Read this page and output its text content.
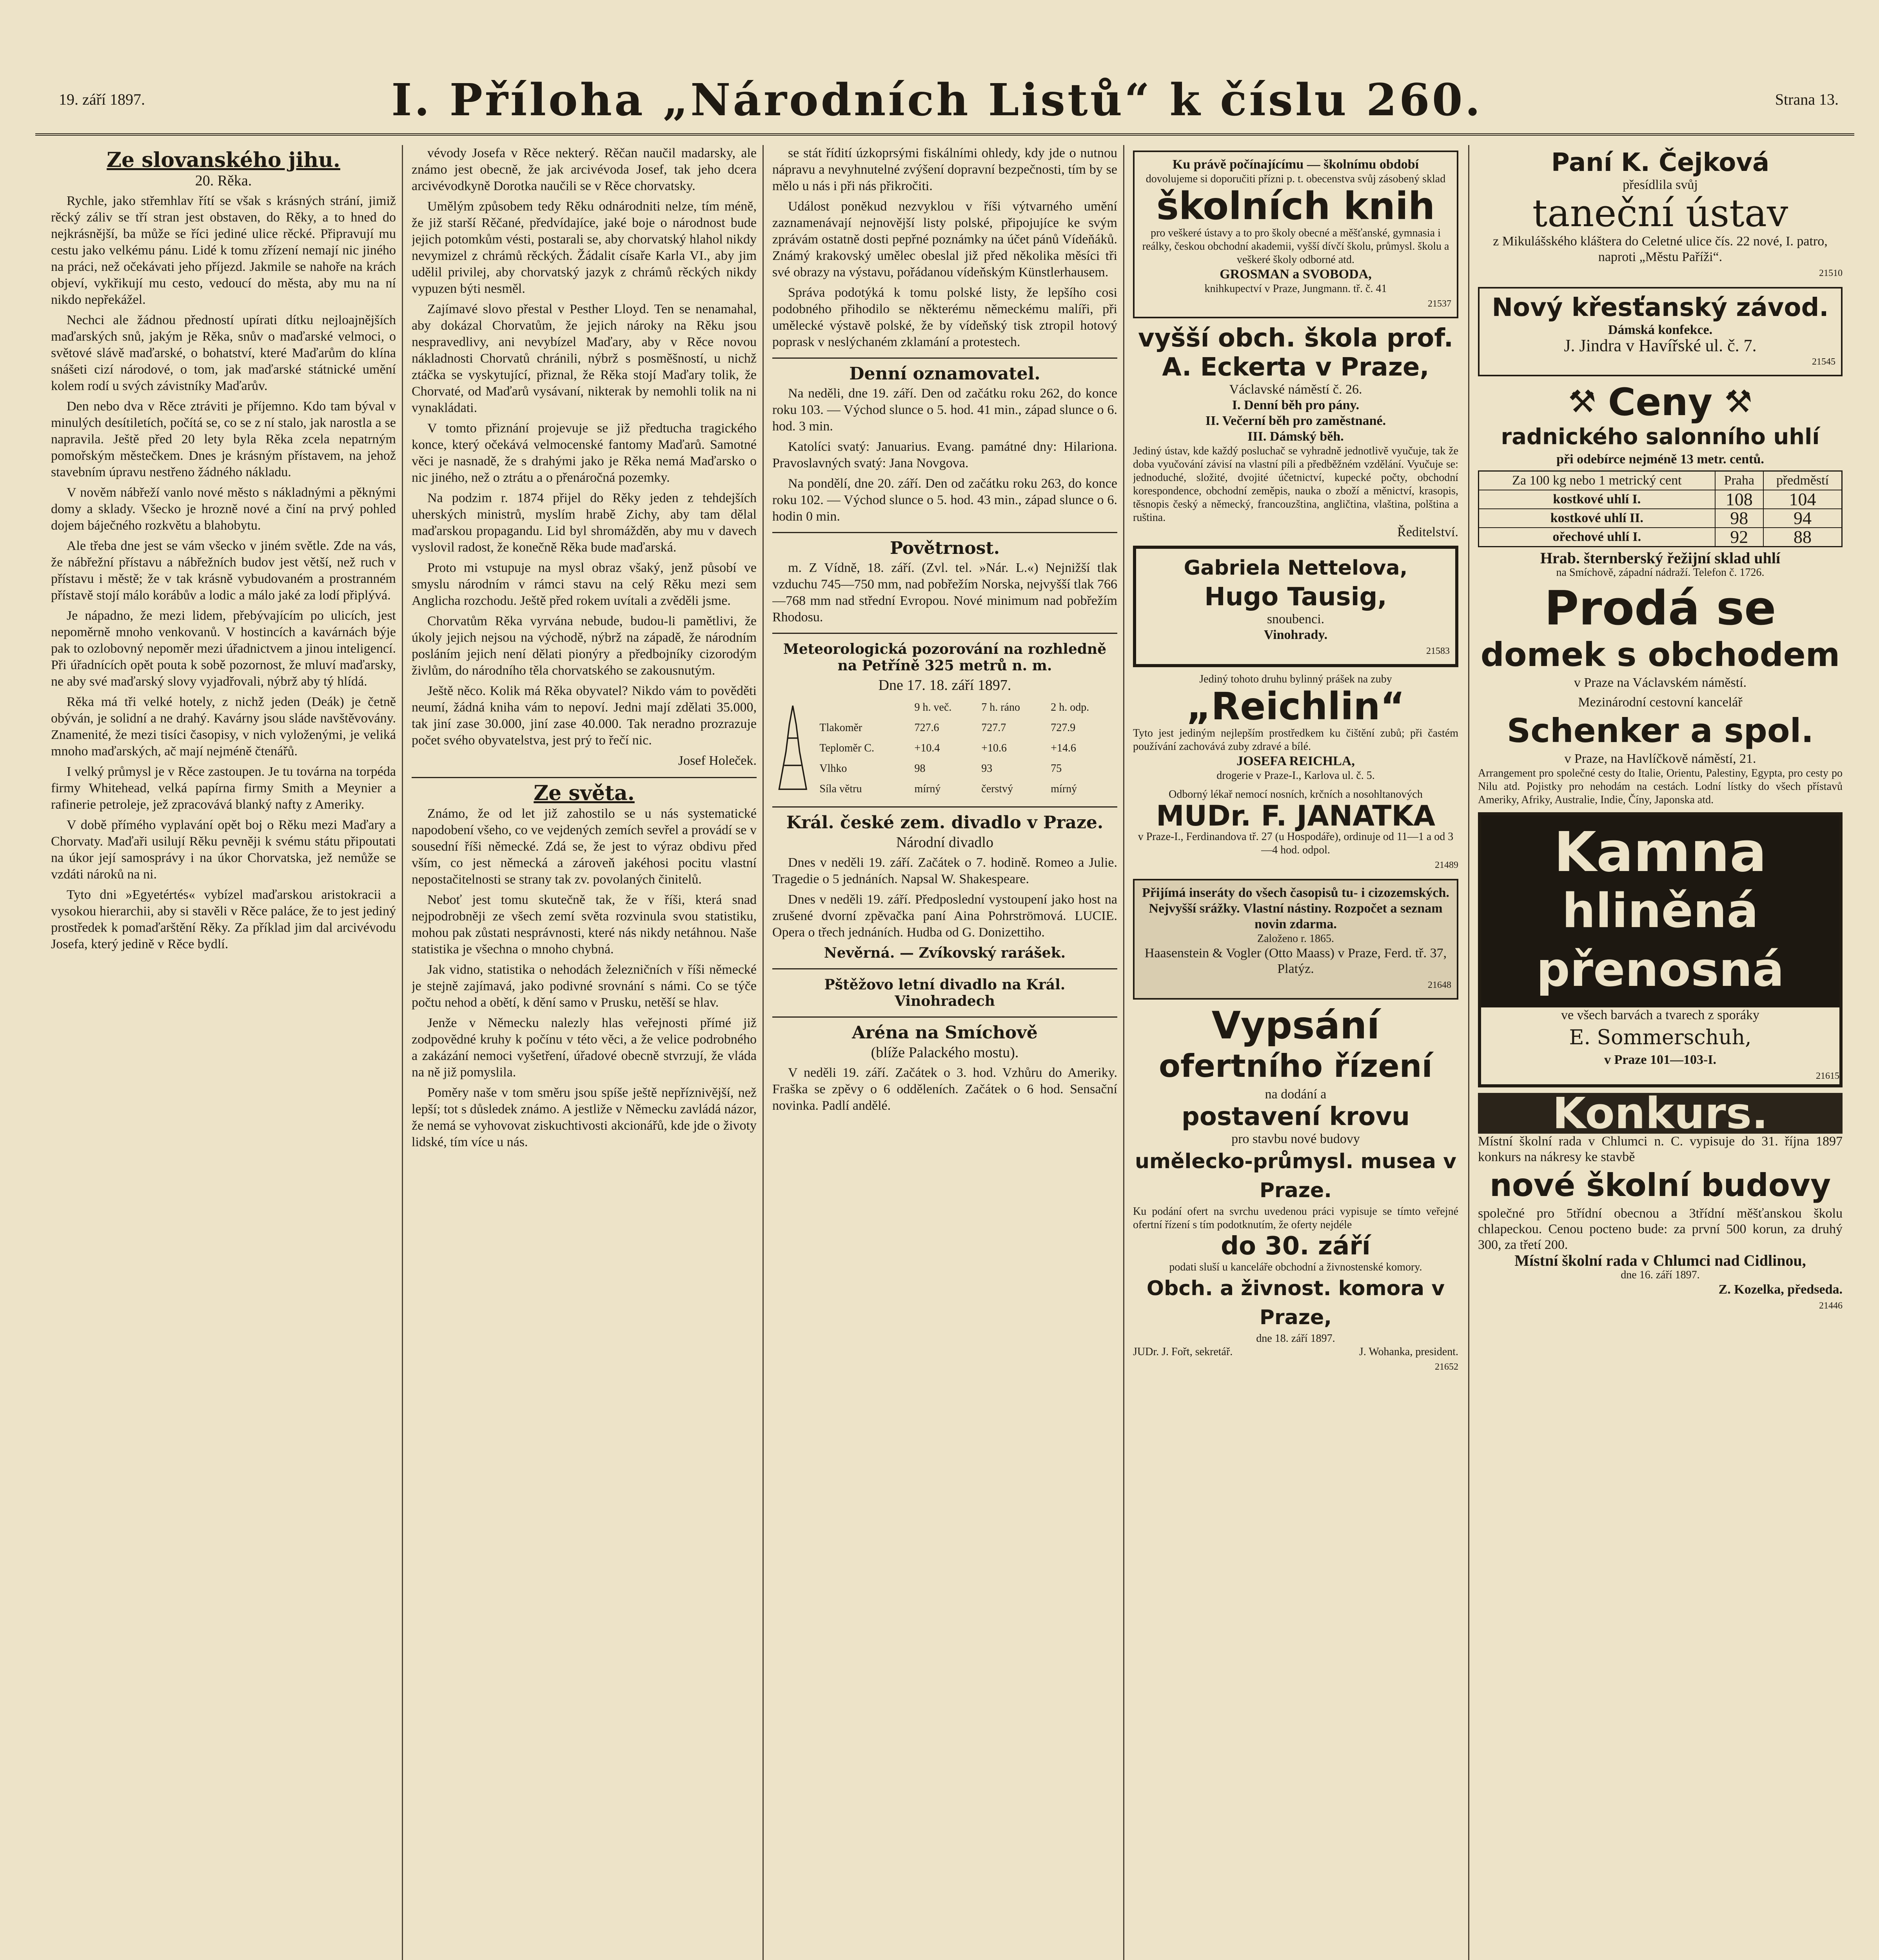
19. září 1897.	I. Příloha „Národních Listů“ k číslu 260.	Strana 13.
Ze slovanského jihu.
20. Rěka.

Rychle, jako střemhlav řítí se však s krásných strání, jimiž rěcký záliv se tří stran jest obstaven, do Rěky, a to hned do nejkrásnější, ba může se říci jediné ulice rěcké. Připravují mu cestu jako velkému pánu. Lidé k tomu zřízení nemají nic jiného na práci, než očekávati jeho příjezd. Jakmile se nahoře na krách objeví, vykřikují mu cesto, vedoucí do města, aby mu na ní nikdo nepřekážel.

Nechci ale žádnou předností upírati dítku nejloajnějších maďarských snů, jakým je Rěka, snův o maďarské velmoci, o světové slávě maďarské, o bohatství, které Maďarům do klína snášeti cizí národové, o tom, jak maďarské státnické umění kolem rodí u svých závistníky Maďarův.

Den nebo dva v Rěce ztráviti je příjemno. Kdo tam býval v minulých desítiletích, počítá se, co se z ní stalo, jak narostla a se napravila. Ještě před 20 lety byla Rěka zcela nepatrným pomořským městečkem. Dnes je krásným přístavem, na jehož stavebním úpravu nestřeno žádného nákladu.

V nověm nábřeží vanlo nové město s nákladnými a pěknými domy a sklady. Všecko je hrozně nové a činí na prvý pohled dojem báječného rozkvětu a blahobytu.

Ale třeba dne jest se vám všecko v jiném světle. Zde na vás, že nábřežní přístavu a nábřežních budov jest větší, než ruch v přístavu i městě; že v tak krásně vybudovaném a prostranném přístavě stojí málo korábův a lodic a málo jaké za lodí připlývá.

Je nápadno, že mezi lidem, přebývajícím po ulicích, jest nepoměrně mnoho venkovanů. V hostincích a kavárnách býje pak to ozlobovný nepoměr mezi úřadnictvem a jinou inteligencí. Při úřadnících opět pouta k sobě pozornost, že mluví maďarsky, ne aby své maďarský slovy vyjadřovali, nýbrž aby tý hlídá.

Rěka má tři velké hotely, z nichž jeden (Deák) je četně obýván, je solidní a ne drahý. Kavárny jsou sláde navštěvovány. Znamenité, že mezi tisíci časopisy, v nich vyloženými, je veliká mnoho maďarských, ač mají nejméně čtenářů.

I velký průmysl je v Rěce zastoupen. Je tu továrna na torpéda firmy Whitehead, velká papírna firmy Smith a Meynier a rafinerie petroleje, jež zpracovává blanký nafty z Ameriky.

V době přímého vyplavání opět boj o Rěku mezi Maďary a Chorvaty. Maďaři usilují Rěku pevněji k svému státu připoutati na úkor její samosprávy i na úkor Chorvatska, jež nemůže se vzdáti nároků na ni.

Tyto dni »Egyetértés« vybízel maďarskou aristokracii a vysokou hierarchii, aby si stavěli v Rěce paláce, že to jest jediný prostředek k pomaďarštění Rěky. Za příklad jim dal arcivévodu Josefa, který jedině v Rěce bydlí.

vévody Josefa v Rěce nekterý. Rěčan naučil madarsky, ale známo jest obecně, že jak arcivévoda Josef, tak jeho dcera arcivévodkyně Dorotka naučili se v Rěce chorvatsky.

Umělým způsobem tedy Rěku odnárodniti nelze, tím méně, že již starší Rěčané, předvídajíce, jaké boje o národnost bude jejich potomkům vésti, postarali se, aby chorvatský hlahol nikdy nevymizel z chrámů rěckých. Žádalit císaře Karla VI., aby jim udělil privilej, aby chorvatský jazyk z chrámů rěckých nikdy vypuzen býti nesměl.

Zajímavé slovo přestal v Pesther Lloyd. Ten se nenamahal, aby dokázal Chorvatům, že jejich nároky na Rěku jsou nespravedlivy, ani nevybízel Maďary, aby v Rěce novou nákladnosti Chorvatů chránili, nýbrž s posměšností, u nichž ztáčka se vyskytující, přiznal, že Rěka stojí Maďary tolik, že Chorvaté, od Maďarů vysávaní, nikterak by nemohli tolik na ni vynakládati.

V tomto přiznání projevuje se již předtucha tragického konce, který očekává velmocenské fantomy Maďarů. Samotné věci je nasnadě, že s drahými jako je Rěka nemá Maďarsko o nic jiného, než o ztrátu a o přenáročná pozemky.

Na podzim r. 1874 přijel do Rěky jeden z tehdejších uherských ministrů, myslím hrabě Zichy, aby tam dělal maďarskou propagandu. Lid byl shromážděn, aby mu v davech vyslovil radost, že konečně Rěka bude maďarská.

Proto mi vstupuje na mysl obraz všaký, jenž působí ve smyslu národním v rámci stavu na celý Rěku mezi sem Anglicha rozchodu. Ještě před rokem uvítali a zvěděli jsme.

Chorvatům Rěka vyrvána nebude, budou-li pamětlivi, že úkoly jejich nejsou na východě, nýbrž na západě, že národním posláním jejich není dělati pionýry a předbojníky cizorodým živlům, do národního těla chorvatského se zakousnutým.

Ještě něco. Kolik má Rěka obyvatel? Nikdo vám to pověděti neumí, žádná kniha vám to nepoví. Jedni mají zdělati 35.000, tak jiní zase 30.000, jiní zase 40.000. Tak neradno prozrazuje počet svého obyvatelstva, jest prý to řečí nic.

Josef Holeček.
Ze světa.

Známo, že od let již zahostilo se u nás systematické napodobení všeho, co ve vejdených zemích sevřel a provádí se v sousední říši německé. Zdá se, že jest to výraz obdivu před vším, co jest německá a zároveň jakéhosi pocitu vlastní nepostačitelnosti se strany tak zv. povolaných činitelů.

Neboť jest tomu skutečně tak, že v říši, která snad nejpodrobněji ze všech zemí světa rozvinula svou statistiku, mohou pak zůstati nesprávnosti, které nás nikdy netáhnou. Naše statistika je všechna o mnoho chybná.

Jak vidno, statistika o nehodách železničních v říši německé je stejně zajímavá, jako podivné srovnání s námi. Co se týče počtu nehod a obětí, k dění samo v Prusku, netěší se hlav.

Jenže v Německu nalezly hlas veřejnosti přímé již zodpovědné kruhy k počínu v této věci, a že velice podrobného a zakázání nemoci vyšetření, úřadové obecně stvrzují, že vláda na ně již pomyslila.

Poměry naše v tom směru jsou spíše ještě nepříznivější, než lepší; tot s důsledek známo. A jestliže v Německu zavládá názor, že nemá se vyhovovat ziskuchtivosti akcionářů, kde jde o životy lidské, tím více u nás.

se stát řídití úzkoprsými fiskálními ohledy, kdy jde o nutnou nápravu a nevyhnutelné zvýšení dopravní bezpečnosti, tím by se mělo u nás i při nás přikročiti.

Událost poněkud nezvyklou v říši výtvarného umění zaznamenávají nejnovější listy polské, připojujíce ke svým zprávám ostatně dosti pepřné poznámky na účet pánů Vídeňáků. Známý krakovský umělec obeslal již před několika měsíci tři své obrazy na výstavu, pořádanou vídeňským Künstlerhausem.

Správa podotýká k tomu polské listy, že lepšího cosi podobného přihodilo se některému německému malíři, při umělecké výstavě polské, že by vídeňský tisk ztropil hotový poprask v neslýchaném zklamání a protestech.

Denní oznamovatel.

Na neděli, dne 19. září. Den od začátku roku 262, do konce roku 103. — Východ slunce o 5. hod. 41 min., západ slunce o 6. hod. 3 min.

Katolíci svatý: Januarius. Evang. památné dny: Hilariona. Pravoslavných svatý: Jana Novgova.

Na pondělí, dne 20. září. Den od začátku roku 263, do konce roku 102. — Východ slunce o 5. hod. 43 min., západ slunce o 6. hodin 0 min.

Povětrnost.

m. Z Vídně, 18. září. (Zvl. tel. »Nár. L.«) Nejnižší tlak vzduchu 745—750 mm, nad pobřežím Norska, nejvyšší tlak 766—768 mm nad střední Evropou. Nové minimum nad pobřežím Rhodosu.

Meteorologická pozorování na rozhledně na Petříně 325 metrů n. m.
Dne 17. 18. září 1897.
	9 h. več.	7 h. ráno	2 h. odp.
Tlakoměr	727.6	727.7	727.9
Teploměr C.	+10.4	+10.6	+14.6
Vlhko	98	93	75
Síla větru	mírný	čerstvý	mírný
Král. české zem. divadlo v Praze.
Národní divadlo

Dnes v neděli 19. září. Začátek o 7. hodině. Romeo a Julie. Tragedie o 5 jednáních. Napsal W. Shakespeare.

Dnes v neděli 19. září. Předposlední vystoupení jako host na zrušené dvorní zpěvačka paní Aina Pohrströmová. LUCIE. Opera o třech jednáních. Hudba od G. Donizettiho.

Nevěrná. — Zvíkovský rarášek.
Pštěžovo letní divadlo na Král. Vinohradech
Aréna na Smíchově
(blíže Palackého mostu).

V neděli 19. září. Začátek o 3. hod. Vzhůru do Ameriky. Fraška se zpěvy o 6 odděleních. Začátek o 6 hod. Sensační novinka. Padlí andělé.

Ku právě počínajícímu — školnímu období
dovolujeme si doporučiti přízni p. t. obecenstva svůj zásobený sklad
školních knih
pro veškeré ústavy a to pro školy obecné a měšťanské, gymnasia i reálky, českou obchodní akademii, vyšší dívčí školu, průmysl. školu a veškeré školy odborné atd.
GROSMAN a SVOBODA,
knihkupectví v Praze, Jungmann. tř. č. 41
21537
vyšší obch. škola prof. A. Eckerta v Praze,
Václavské náměstí č. 26.
I. Denní běh pro pány.
II. Večerní běh pro zaměstnané.
III. Dámský běh.
Jediný ústav, kde každý posluchač se vyhradně jednotlivě vyučuje, tak že doba vyučování závisí na vlastní píli a předběžném vzdělání. Vyučuje se: jednoduché, složité, dvojité účetnictví, kupecké počty, obchodní korespondence, obchodní zeměpis, nauka o zboží a měnictví, krasopis, těsnopis český a německý, francouzština, angličtina, vlaština, polština a ruština.
Ředitelství.
Gabriela Nettelova,
Hugo Tausig,
snoubenci.
Vinohrady.
21583
Jediný tohoto druhu bylinný prášek na zuby
„Reichlin“
Tyto jest jediným nejlepším prostředkem ku čištění zubů; při častém používání zachovává zuby zdravé a bílé.
JOSEFA REICHLA,
drogerie v Praze-I., Karlova ul. č. 5.
Odborný lékař nemocí nosních, krčních a nosohltanových
MUDr. F. JANATKA
v Praze-I., Ferdinandova tř. 27 (u Hospodáře), ordinuje od 11—1 a od 3—4 hod. odpol.
21489
Přijímá inseráty do všech časopisů tu- i cizozemských. Nejvyšší srážky. Vlastní nástiny. Rozpočet a seznam novin zdarma.
Založeno r. 1865.
Haasenstein & Vogler (Otto Maass) v Praze, Ferd. tř. 37, Platýz.
21648
Vypsání
ofertního řízení
na dodání a
postavení krovu
pro stavbu nové budovy
umělecko-průmysl. musea v Praze.
Ku podání ofert na svrchu uvedenou práci vypisuje se tímto veřejné ofertní řízení s tím podotknutím, že oferty nejdéle
do 30. září
podati sluší u kanceláře obchodní a živnostenské komory.
Obch. a živnost. komora v Praze,
dne 18. září 1897.
JUDr. J. Fořt, sekretář.	J. Wohanka, president.
21652
Paní K. Čejková
přesídlila svůj
taneční ústav
z Mikulášského kláštera do Celetné ulice čís. 22 nové, I. patro, naproti „Městu Paříži“.
21510
Nový křesťanský závod.
Dámská konfekce.
J. Jindra v Havířské ul. č. 7.
21545
⚒ Ceny ⚒
radnického salonního uhlí
při odebírce nejméně 13 metr. centů.
Za 100 kg nebo 1 metrický cent	Praha	předměstí
kostkové uhlí I.	108	104
kostkové uhlí II.	98	94
ořechové uhlí I.	92	88
Hrab. šternberský řežijní sklad uhlí
na Smíchově, západní nádraží. Telefon č. 1726.
Prodá se
domek s obchodem
v Praze na Václavském náměstí.
Mezinárodní cestovní kancelář
Schenker a spol.
v Praze, na Havlíčkově náměstí, 21.
Arrangement pro společné cesty do Italie, Orientu, Palestiny, Egypta, pro cesty po Nilu atd. Pojistky pro nehodám na cestách. Lodní lístky do všech přístavů Ameriky, Afriky, Australie, Indie, Číny, Japonska atd.
Kamna
hliněná
přenosná
ve všech barvách a tvarech z sporáky
E. Sommerschuh,
v Praze 101—103-I.
21615
Konkurs.
Místní školní rada v Chlumci n. C. vypisuje do 31. října 1897 konkurs na nákresy ke stavbě
nové školní budovy
společné pro 5třídní obecnou a 3třídní měšťanskou školu chlapeckou. Cenou pocteno bude: za první 500 korun, za druhý 300, za třetí 200.
Místní školní rada v Chlumci nad Cidlinou,
dne 16. září 1897.
Z. Kozelka, předseda.
21446
